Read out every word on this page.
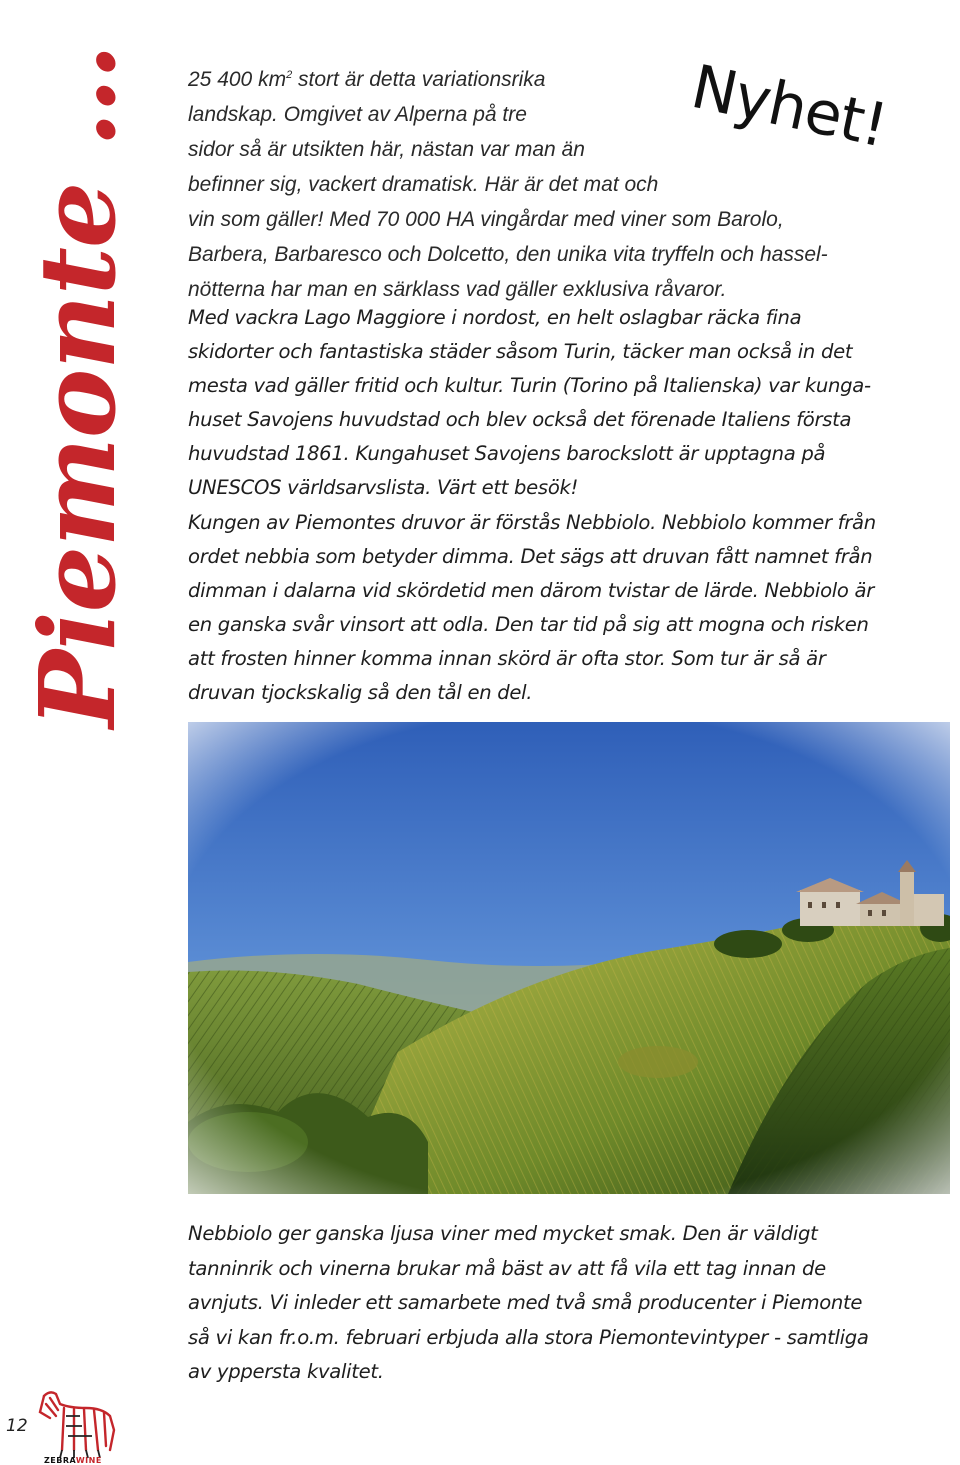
Piemonte …	Nyhet!
25 400 $km^2$ stort är detta variationsrika
landskap. Omgivet av Alperna på tre
sidor så är utsikten här, nästan var man än
befinner sig, vackert dramatisk. Här är det mat och
vin som gäller! Med 70 000 HA vingårdar med viner som Barolo,
Barbera, Barbaresco och Dolcetto, den unika vita tryffeln och hassel-
nötterna har man en särklass vad gäller exklusiva råvaror.
Med vackra Lago Maggiore i nordost, en helt oslagbar räcka fina
skidorter och fantastiska städer såsom Turin, täcker man också in det
mesta vad gäller fritid och kultur. Turin (Torino på Italienska) var kunga-
huset Savojens huvudstad och blev också det förenade Italiens första
huvudstad 1861. Kungahuset Savojens barockslott är upptagna på
UNESCOS världsarvslista. Värt ett besök!
Kungen av Piemontes druvor är förstås Nebbiolo. Nebbiolo kommer från
ordet nebbia som betyder dimma. Det sägs att druvan fått namnet från
dimman i dalarna vid skördetid men därom tvistar de lärde. Nebbiolo är
en ganska svår vinsort att odla. Den tar tid på sig att mogna och risken
att frosten hinner komma innan skörd är ofta stor. Som tur är så är
druvan tjockskalig så den tål en del.
Nebbiolo ger ganska ljusa viner med mycket smak. Den är väldigt
tanninrik och vinerna brukar må bäst av att få vila ett tag innan de
avnjuts. Vi inleder ett samarbete med två små producenter i Piemonte
så vi kan fr.o.m. februari erbjuda alla stora Piemontevintyper - samtliga
av yppersta kvalitet.
12
ZEBRAWINE
